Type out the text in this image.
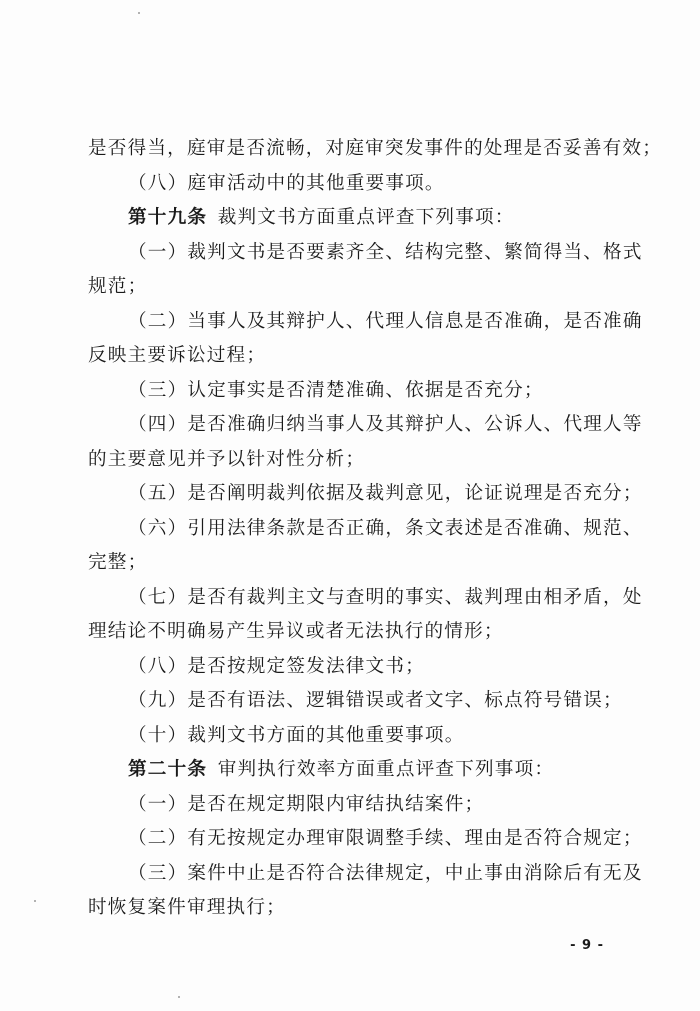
是否得当，庭审是否流畅，对庭审突发事件的处理是否妥善有效；
（八）庭审活动中的其他重要事项。
第十九条  裁判文书方面重点评查下列事项：
（一）裁判文书是否要素齐全、结构完整、繁简得当、格式
规范；
（二）当事人及其辩护人、代理人信息是否准确，是否准确
反映主要诉讼过程；
（三）认定事实是否清楚准确、依据是否充分；
（四）是否准确归纳当事人及其辩护人、公诉人、代理人等
的主要意见并予以针对性分析；
（五）是否阐明裁判依据及裁判意见，论证说理是否充分；
（六）引用法律条款是否正确，条文表述是否准确、规范、
完整；
（七）是否有裁判主文与查明的事实、裁判理由相矛盾，处
理结论不明确易产生异议或者无法执行的情形；
（八）是否按规定签发法律文书；
（九）是否有语法、逻辑错误或者文字、标点符号错误；
（十）裁判文书方面的其他重要事项。
第二十条  审判执行效率方面重点评查下列事项：
（一）是否在规定期限内审结执结案件；
（二）有无按规定办理审限调整手续、理由是否符合规定；
（三）案件中止是否符合法律规定，中止事由消除后有无及
时恢复案件审理执行；
- 9 -
